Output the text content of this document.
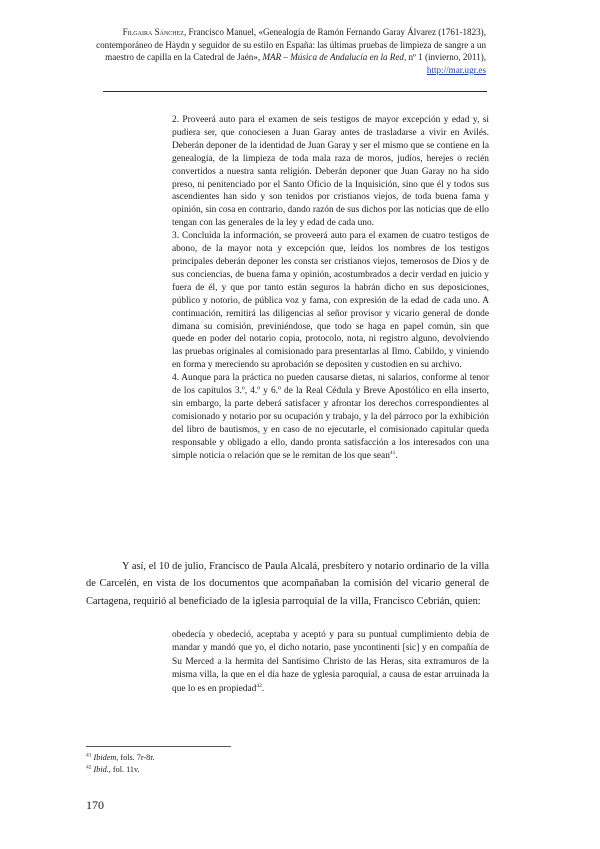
Filgaira Sánchez, Francisco Manuel, «Genealogía de Ramón Fernando Garay Álvarez (1761-1823), contemporáneo de Haydn y seguidor de su estilo en España: las últimas pruebas de limpieza de sangre a un maestro de capilla en la Catedral de Jaén», MAR – Música de Andalucía en la Red, nº 1 (invierno, 2011), http://mar.ugr.es

2. Proveerá auto para el examen de seis testigos de mayor excepción y edad y, si pudiera ser, que conociesen a Juan Garay antes de trasladarse a vivir en Avilés. Deberán deponer de la identidad de Juan Garay y ser el mismo que se contiene en la genealogía, de la limpieza de toda mala raza de moros, judíos, herejes o recién convertidos a nuestra santa religión. Deberán deponer que Juan Garay no ha sido preso, ni penitenciado por el Santo Oficio de la Inquisición, sino que él y todos sus ascendientes han sido y son tenidos por cristianos viejos, de toda buena fama y opinión, sin cosa en contrario, dando razón de sus dichos por las noticias que de ello tengan con las generales de la ley y edad de cada uno.

3. Concluida la información, se proveerá auto para el examen de cuatro testigos de abono, de la mayor nota y excepción que, leídos los nombres de los testigos principales deberán deponer les consta ser cristianos viejos, temerosos de Dios y de sus conciencias, de buena fama y opinión, acostumbrados a decir verdad en juicio y fuera de él, y que por tanto están seguros la habrán dicho en sus deposiciones, público y notorio, de pública voz y fama, con expresión de la edad de cada uno. A continuación, remitirá las diligencias al señor provisor y vicario general de donde dimana su comisión, previniéndose, que todo se haga en papel común, sin que quede en poder del notario copia, protocolo, nota, ni registro alguno, devolviendo las pruebas originales al comisionado para presentarlas al Ilmo. Cabildo, y viniendo en forma y mereciendo su aprobación se depositen y custodien en su archivo.

4. Aunque para la práctica no pueden causarse dietas, ni salarios, conforme al tenor de los capítulos 3.º, 4.º y 6.º de la Real Cédula y Breve Apostólico en ella inserto, sin embargo, la parte deberá satisfacer y afrontar los derechos correspondientes al comisionado y notario por su ocupación y trabajo, y la del párroco por la exhibición del libro de bautismos, y en caso de no ejecutarle, el comisionado capitular queda responsable y obligado a ello, dando pronta satisfacción a los interesados con una simple noticia o relación que se le remitan de los que sean$^{41}$.

Y así, el 10 de julio, Francisco de Paula Alcalá, presbítero y notario ordinario de la villa de Carcelén, en vista de los documentos que acompañaban la comisión del vicario general de Cartagena, requirió al beneficiado de la iglesia parroquial de la villa, Francisco Cebrián, quien:

obedecía y obedeció, aceptaba y aceptó y para su puntual cumplimiento debía de mandar y mandó que yo, el dicho notario, pase yncontinenti [sic] y en compañía de Su Merced a la hermita del Santísimo Christo de las Heras, sita extramuros de la misma villa, la que en el día haze de yglesia paroquial, a causa de estar arruinada la que lo es en propiedad$^{42}$.

$^{41}$ Ibidem, fols. 7r-8r.
$^{42}$ Ibid., fol. 11v.
170
